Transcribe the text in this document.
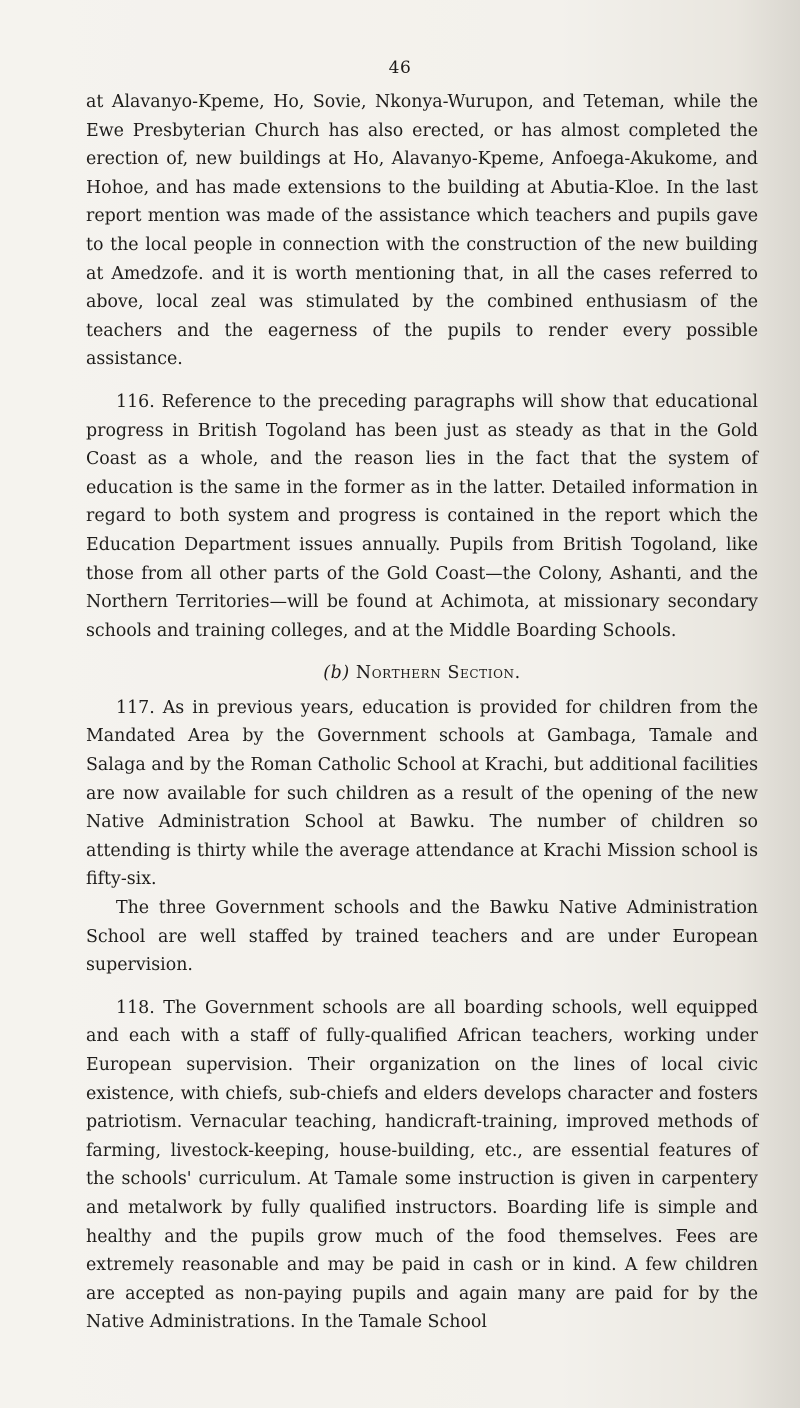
46

at Alavanyo-Kpeme, Ho, Sovie, Nkonya-Wurupon, and Teteman, while the Ewe Presbyterian Church has also erected, or has almost completed the erection of, new buildings at Ho, Alavanyo-Kpeme, Anfoega-Akukome, and Hohoe, and has made extensions to the building at Abutia-Kloe. In the last report mention was made of the assistance which teachers and pupils gave to the local people in connection with the construction of the new building at Amedzofe. and it is worth mentioning that, in all the cases referred to above, local zeal was stimulated by the combined enthusiasm of the teachers and the eagerness of the pupils to render every possible assistance.

116. Reference to the preceding paragraphs will show that educational progress in British Togoland has been just as steady as that in the Gold Coast as a whole, and the reason lies in the fact that the system of education is the same in the former as in the latter. Detailed information in regard to both system and progress is contained in the report which the Education Department issues annually. Pupils from British Togoland, like those from all other parts of the Gold Coast—the Colony, Ashanti, and the Northern Territories—will be found at Achimota, at missionary secondary schools and training colleges, and at the Middle Boarding Schools.

(b) Northern Section.

117. As in previous years, education is provided for children from the Mandated Area by the Government schools at Gambaga, Tamale and Salaga and by the Roman Catholic School at Krachi, but additional facilities are now available for such children as a result of the opening of the new Native Administration School at Bawku. The number of children so attending is thirty while the average attendance at Krachi Mission school is fifty-six.

The three Government schools and the Bawku Native Administration School are well staffed by trained teachers and are under European supervision.

118. The Government schools are all boarding schools, well equipped and each with a staff of fully-qualified African teachers, working under European supervision. Their organization on the lines of local civic existence, with chiefs, sub-chiefs and elders develops character and fosters patriotism. Vernacular teaching, handicraft-training, improved methods of farming, livestock-keeping, house-building, etc., are essential features of the schools' curriculum. At Tamale some instruction is given in carpentery and metalwork by fully qualified instructors. Boarding life is simple and healthy and the pupils grow much of the food themselves. Fees are extremely reasonable and may be paid in cash or in kind. A few children are accepted as non-paying pupils and again many are paid for by the Native Administrations. In the Tamale School
